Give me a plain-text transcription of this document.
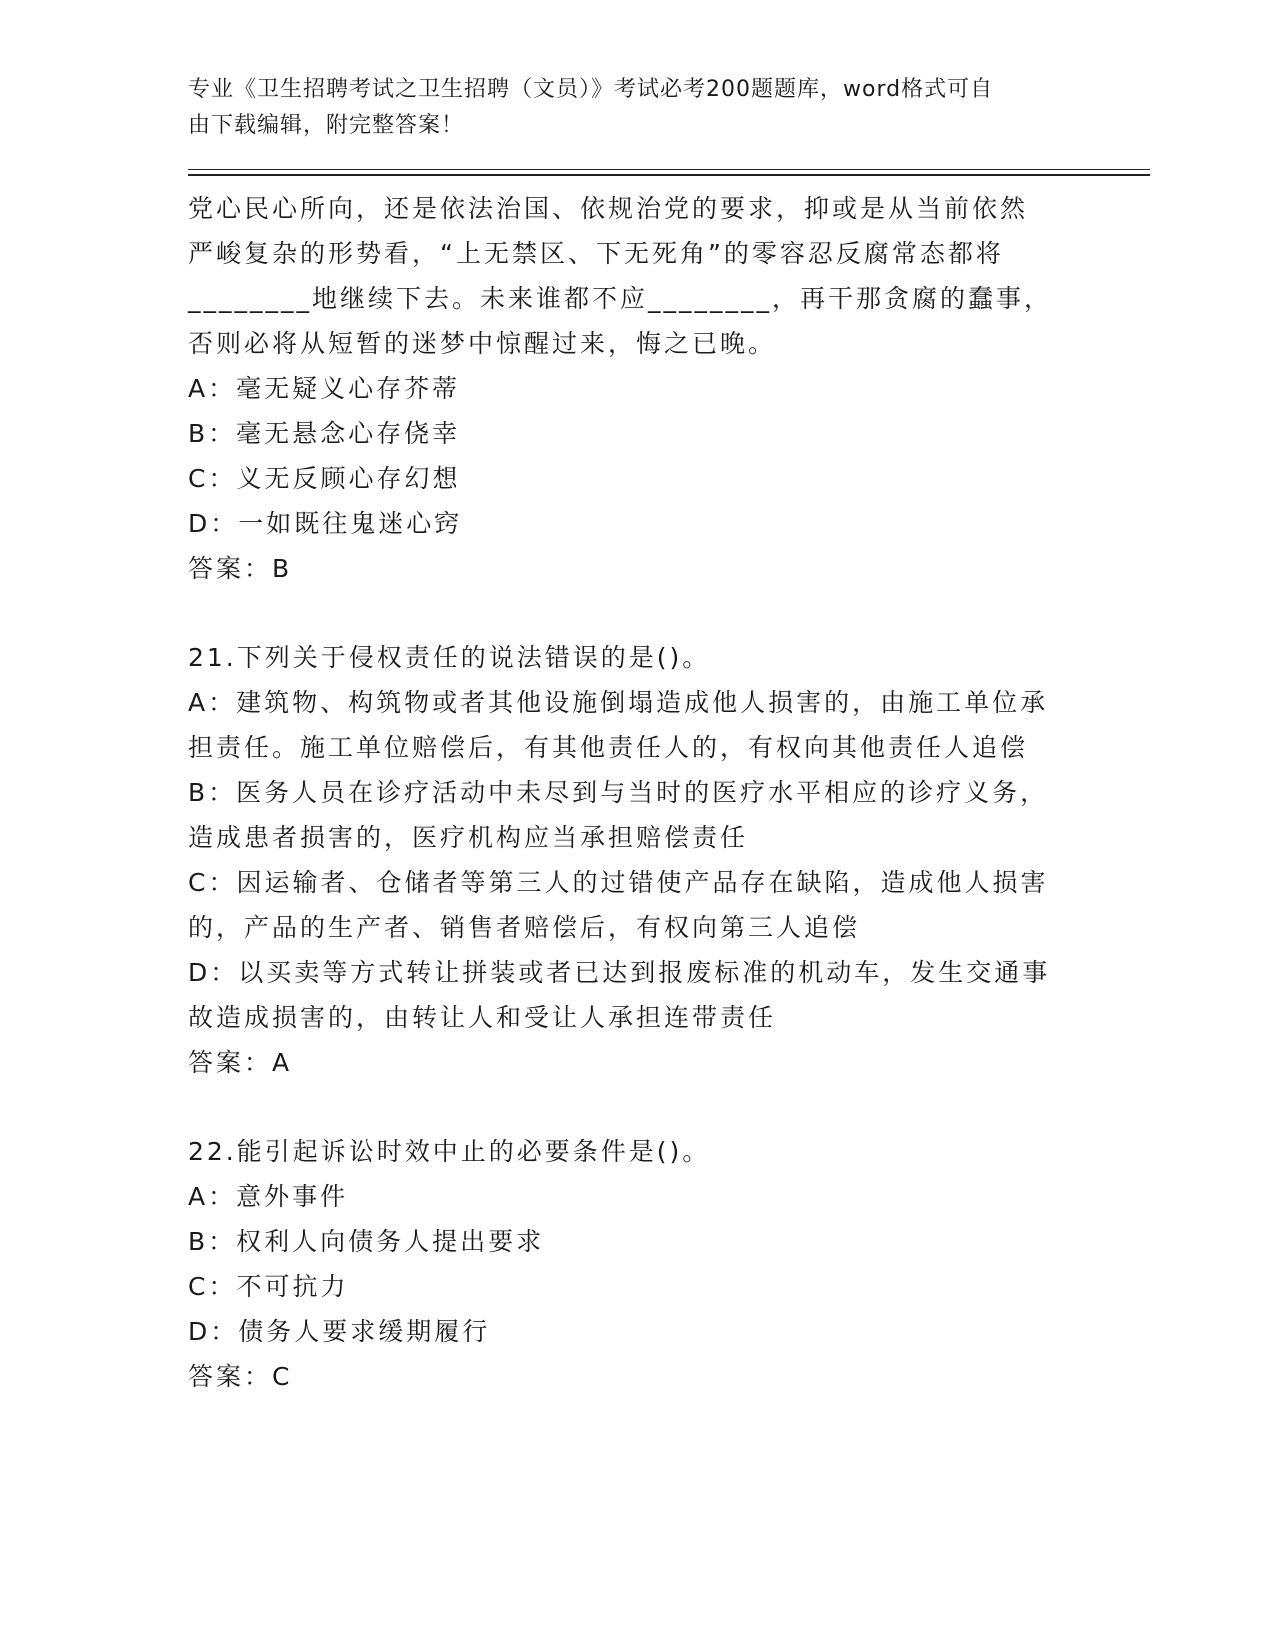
专业《卫生招聘考试之卫生招聘（文员）》考试必考200题题库，word格式可自
由下载编辑，附完整答案！
党心民心所向，还是依法治国、依规治党的要求，抑或是从当前依然
严峻复杂的形势看，“上无禁区、下无死角”的零容忍反腐常态都将
________地继续下去。未来谁都不应________，再干那贪腐的蠢事，
否则必将从短暂的迷梦中惊醒过来，悔之已晚。
A：毫无疑义心存芥蒂
B：毫无悬念心存侥幸
C：义无反顾心存幻想
D：一如既往鬼迷心窍
答案：B
21.下列关于侵权责任的说法错误的是()。
A：建筑物、构筑物或者其他设施倒塌造成他人损害的，由施工单位承
担责任。施工单位赔偿后，有其他责任人的，有权向其他责任人追偿
B：医务人员在诊疗活动中未尽到与当时的医疗水平相应的诊疗义务，
造成患者损害的，医疗机构应当承担赔偿责任
C：因运输者、仓储者等第三人的过错使产品存在缺陷，造成他人损害
的，产品的生产者、销售者赔偿后，有权向第三人追偿
D：以买卖等方式转让拼装或者已达到报废标准的机动车，发生交通事
故造成损害的，由转让人和受让人承担连带责任
答案：A
22.能引起诉讼时效中止的必要条件是()。
A：意外事件
B：权利人向债务人提出要求
C：不可抗力
D：债务人要求缓期履行
答案：C
